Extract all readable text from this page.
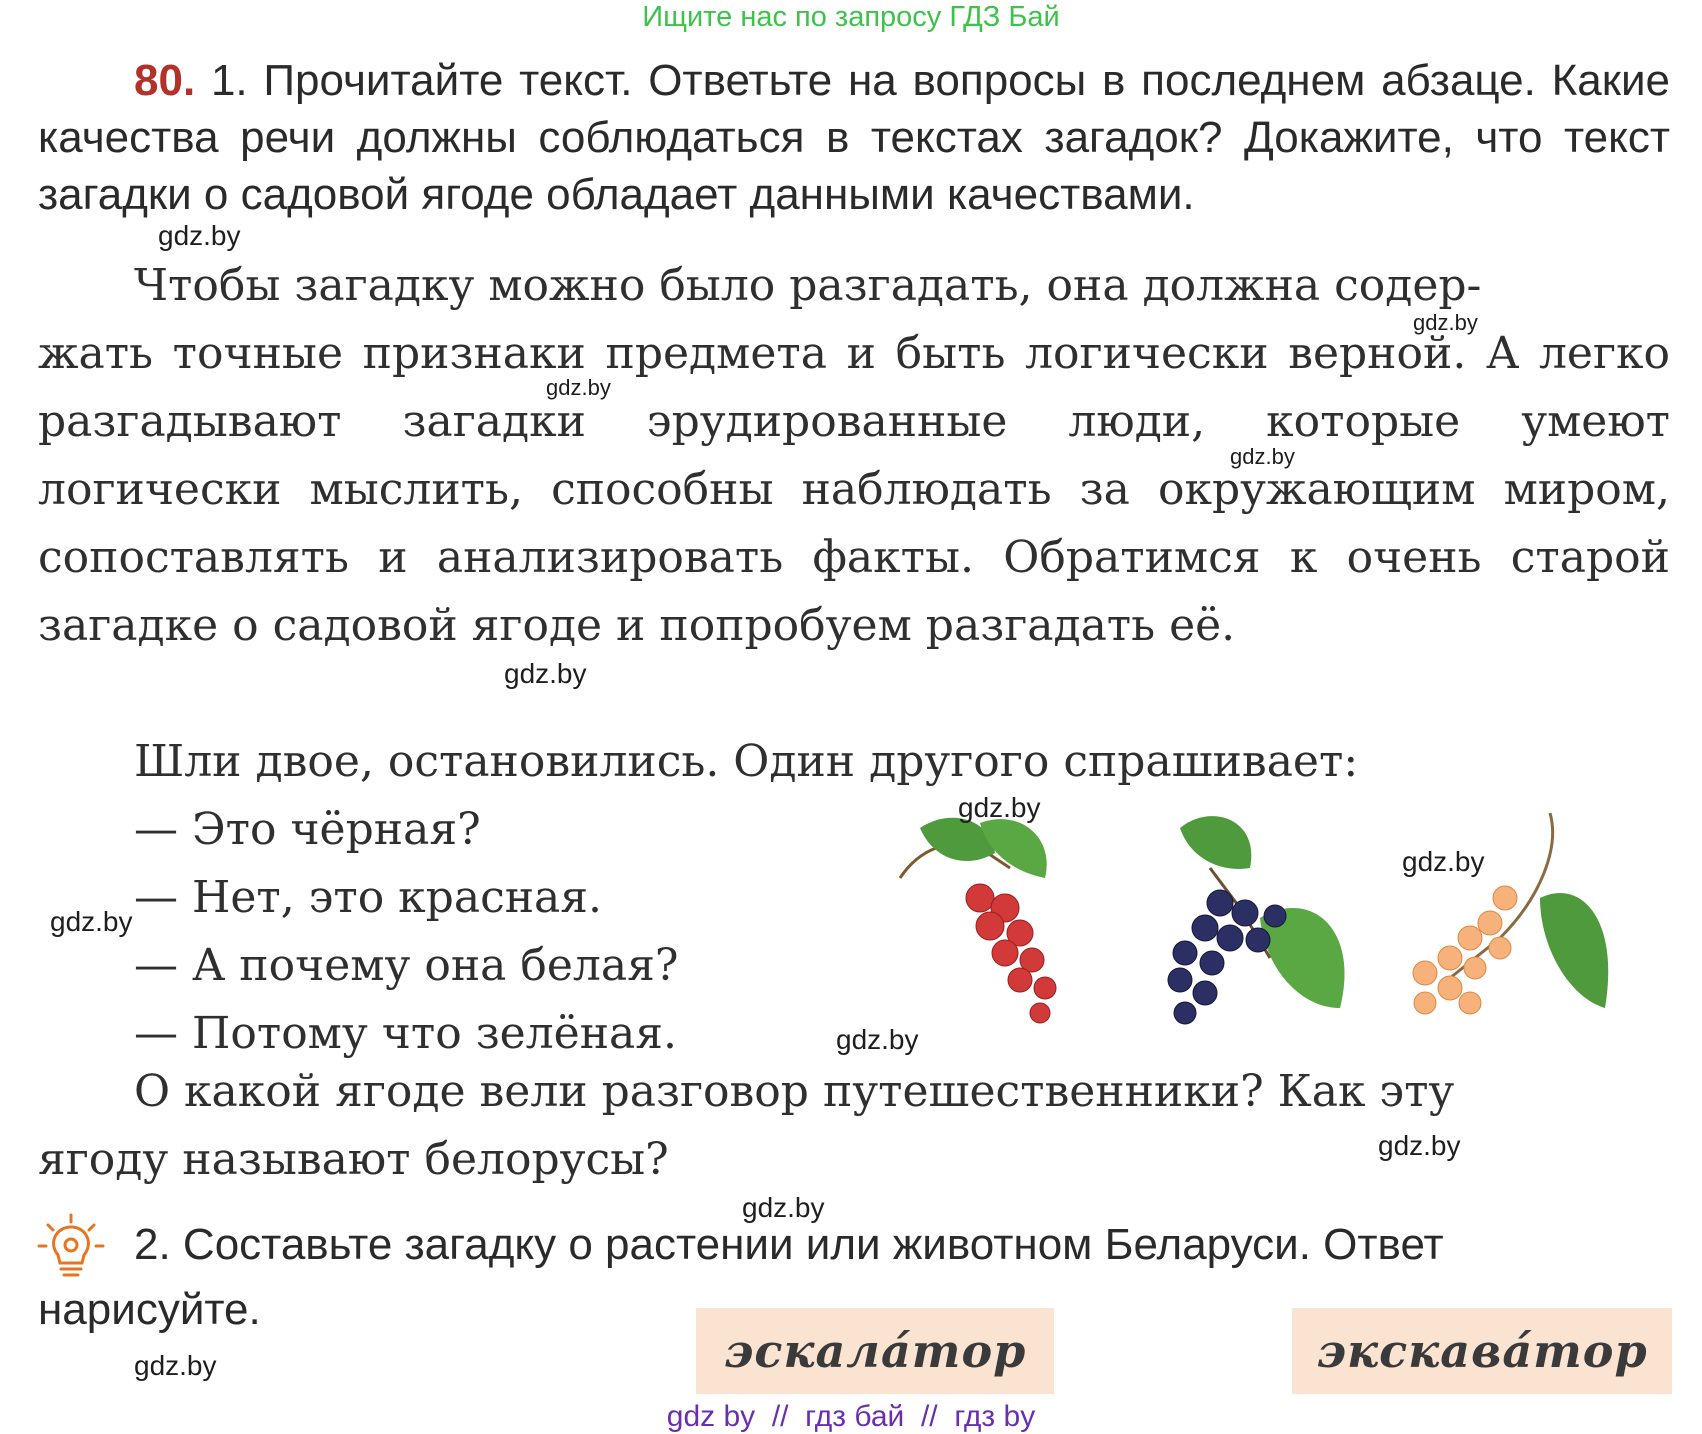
Ищите нас по запросу ГДЗ Бай
80. 1. Прочитайте текст. Ответьте на вопросы в последнем абзаце. Какие качества речи должны соблюдаться в текстах загадок? Докажите, что текст загадки о садовой ягоде обладает данными качествами.
Чтобы загадку можно было разгадать, она должна содер-
жать точные признаки предмета и быть логически верной. А легко разгадывают загадки эрудированные люди, которые умеют логически мыслить, способны наблюдать за окружающим миром, сопоставлять и анализировать факты. Обратимся к очень старой загадке о садовой ягоде и попробуем разгадать её.
Шли двое, остановились. Один другого спрашивает:
— Это чёрная?
— Нет, это красная.
— А почему она белая?
— Потому что зелёная.
О какой ягоде вели разговор путешественники? Как эту
ягоду называют белорусы?
2. Составьте загадку о растении или животном Беларуси. Ответ
нарисуйте.
эскала́тор	экскава́тор
gdz.by
gdz.by
gdz.by
gdz.by
gdz.by
gdz.by
gdz.by
gdz.by
gdz.by
gdz.by
gdz.by
gdz.by
gdz by  //  гдз бай  //  гдз by
